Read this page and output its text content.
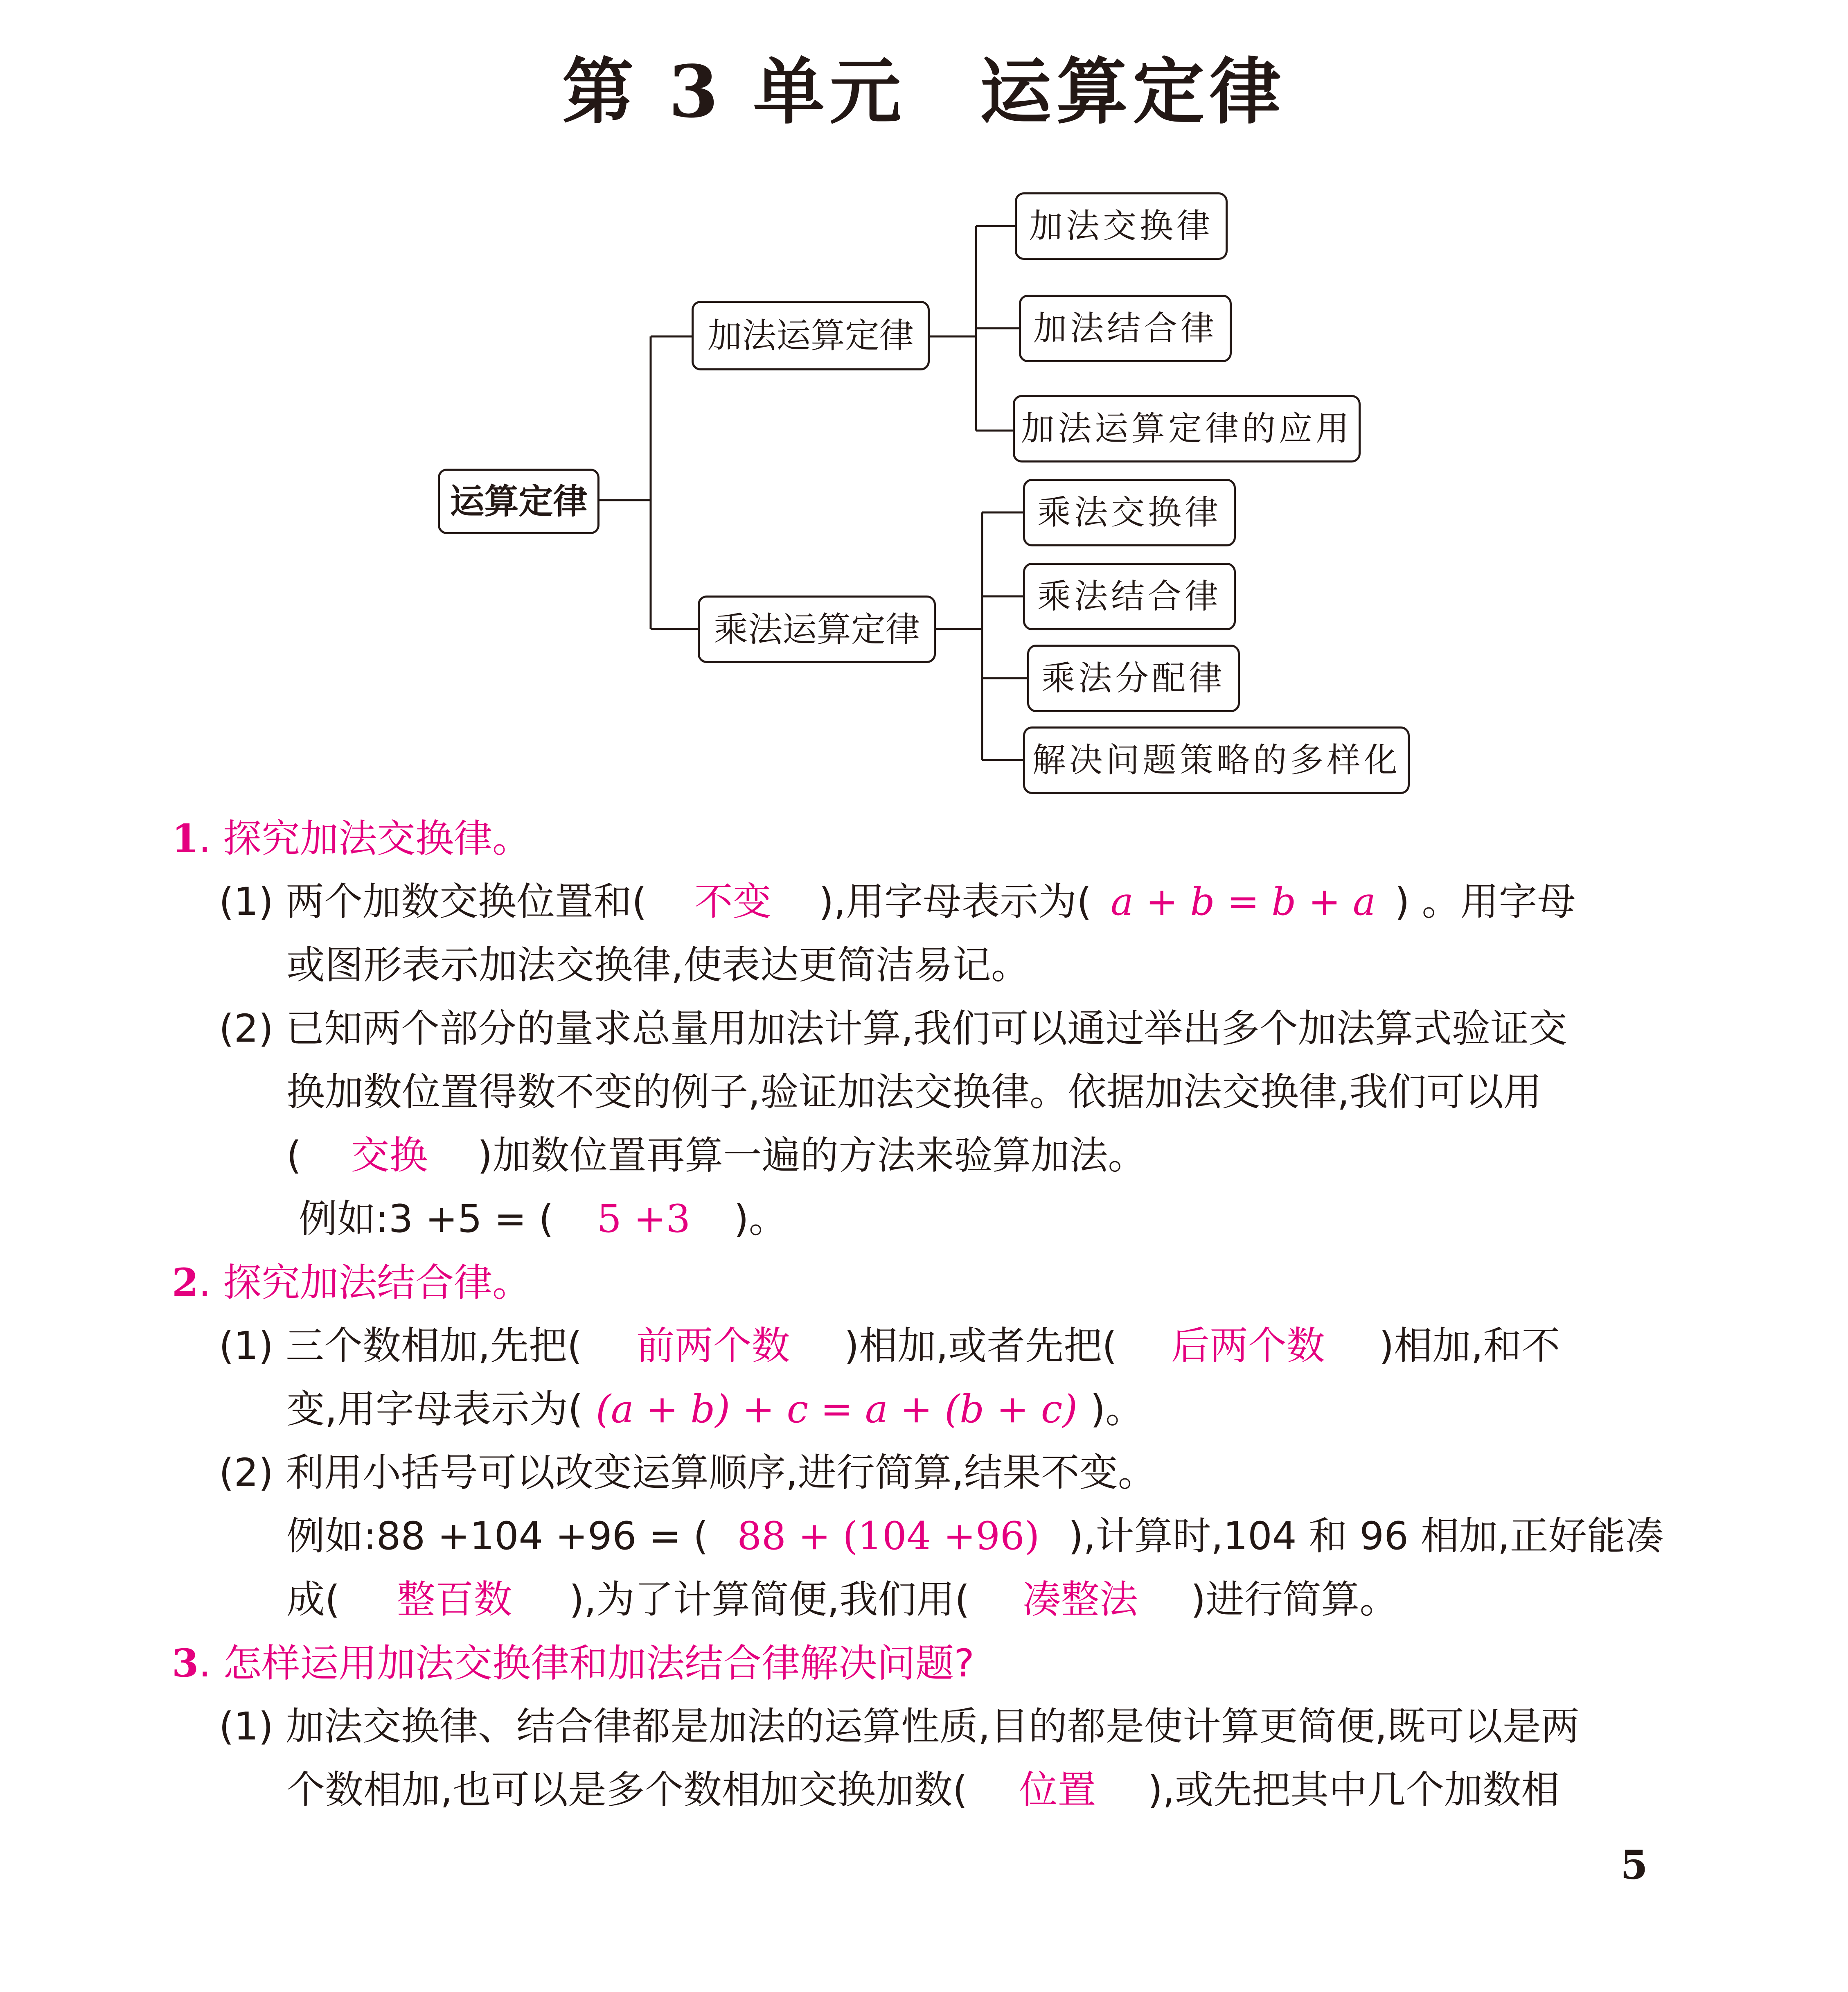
第 3 单元 运算定律
运算定律
加法运算定律
乘法运算定律
加法交换律
加法结合律
加法运算定律的应用
乘法交换律
乘法结合律
乘法分配律
解决问题策略的多样化
1. 探究加法交换律。
(1) 两个加数交换位置和( 不变 ),用字母表示为( a + b = b + a ) 。用字母
或图形表示加法交换律,使表达更简洁易记。
(2) 已知两个部分的量求总量用加法计算,我们可以通过举出多个加法算式验证交
换加数位置得数不变的例子,验证加法交换律。依据加法交换律,我们可以用
( 交换 )加数位置再算一遍的方法来验算加法。
例如:3 +5 = ( 5 +3 )。
2. 探究加法结合律。
(1) 三个数相加,先把( 前两个数 )相加,或者先把( 后两个数 )相加,和不
变,用字母表示为( (a + b) + c = a + (b + c) )。
(2) 利用小括号可以改变运算顺序,进行简算,结果不变。
例如:88 +104 +96 = ( 88 + (104 +96) ),计算时,104 和 96 相加,正好能凑
成( 整百数 ),为了计算简便,我们用( 凑整法 )进行简算。
3. 怎样运用加法交换律和加法结合律解决问题?
(1) 加法交换律、结合律都是加法的运算性质,目的都是使计算更简便,既可以是两
个数相加,也可以是多个数相加交换加数( 位置 ),或先把其中几个加数相
5
